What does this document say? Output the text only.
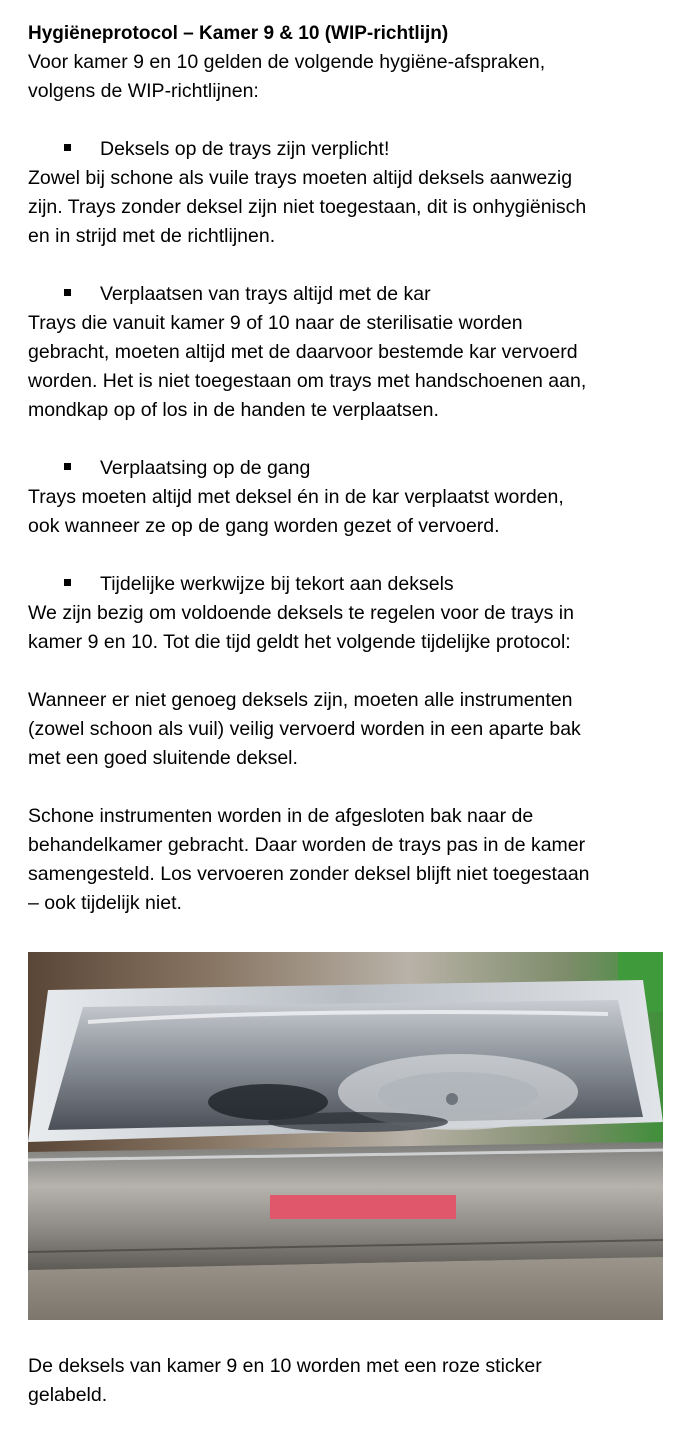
Hygiëneprotocol – Kamer 9 & 10 (WIP-richtlijn)

Voor kamer 9 en 10 gelden de volgende hygiëne-afspraken,

volgens de WIP-richtlijnen:

Deksels op de trays zijn verplicht!

Zowel bij schone als vuile trays moeten altijd deksels aanwezig

zijn. Trays zonder deksel zijn niet toegestaan, dit is onhygiënisch

en in strijd met de richtlijnen.

Verplaatsen van trays altijd met de kar

Trays die vanuit kamer 9 of 10 naar de sterilisatie worden

gebracht, moeten altijd met de daarvoor bestemde kar vervoerd

worden. Het is niet toegestaan om trays met handschoenen aan,

mondkap op of los in de handen te verplaatsen.

Verplaatsing op de gang

Trays moeten altijd met deksel én in de kar verplaatst worden,

ook wanneer ze op de gang worden gezet of vervoerd.

Tijdelijke werkwijze bij tekort aan deksels

We zijn bezig om voldoende deksels te regelen voor de trays in

kamer 9 en 10. Tot die tijd geldt het volgende tijdelijke protocol:

Wanneer er niet genoeg deksels zijn, moeten alle instrumenten

(zowel schoon als vuil) veilig vervoerd worden in een aparte bak

met een goed sluitende deksel.

Schone instrumenten worden in de afgesloten bak naar de

behandelkamer gebracht. Daar worden de trays pas in de kamer

samengesteld. Los vervoeren zonder deksel blijft niet toegestaan

– ook tijdelijk niet.

De deksels van kamer 9 en 10 worden met een roze sticker

gelabeld.
